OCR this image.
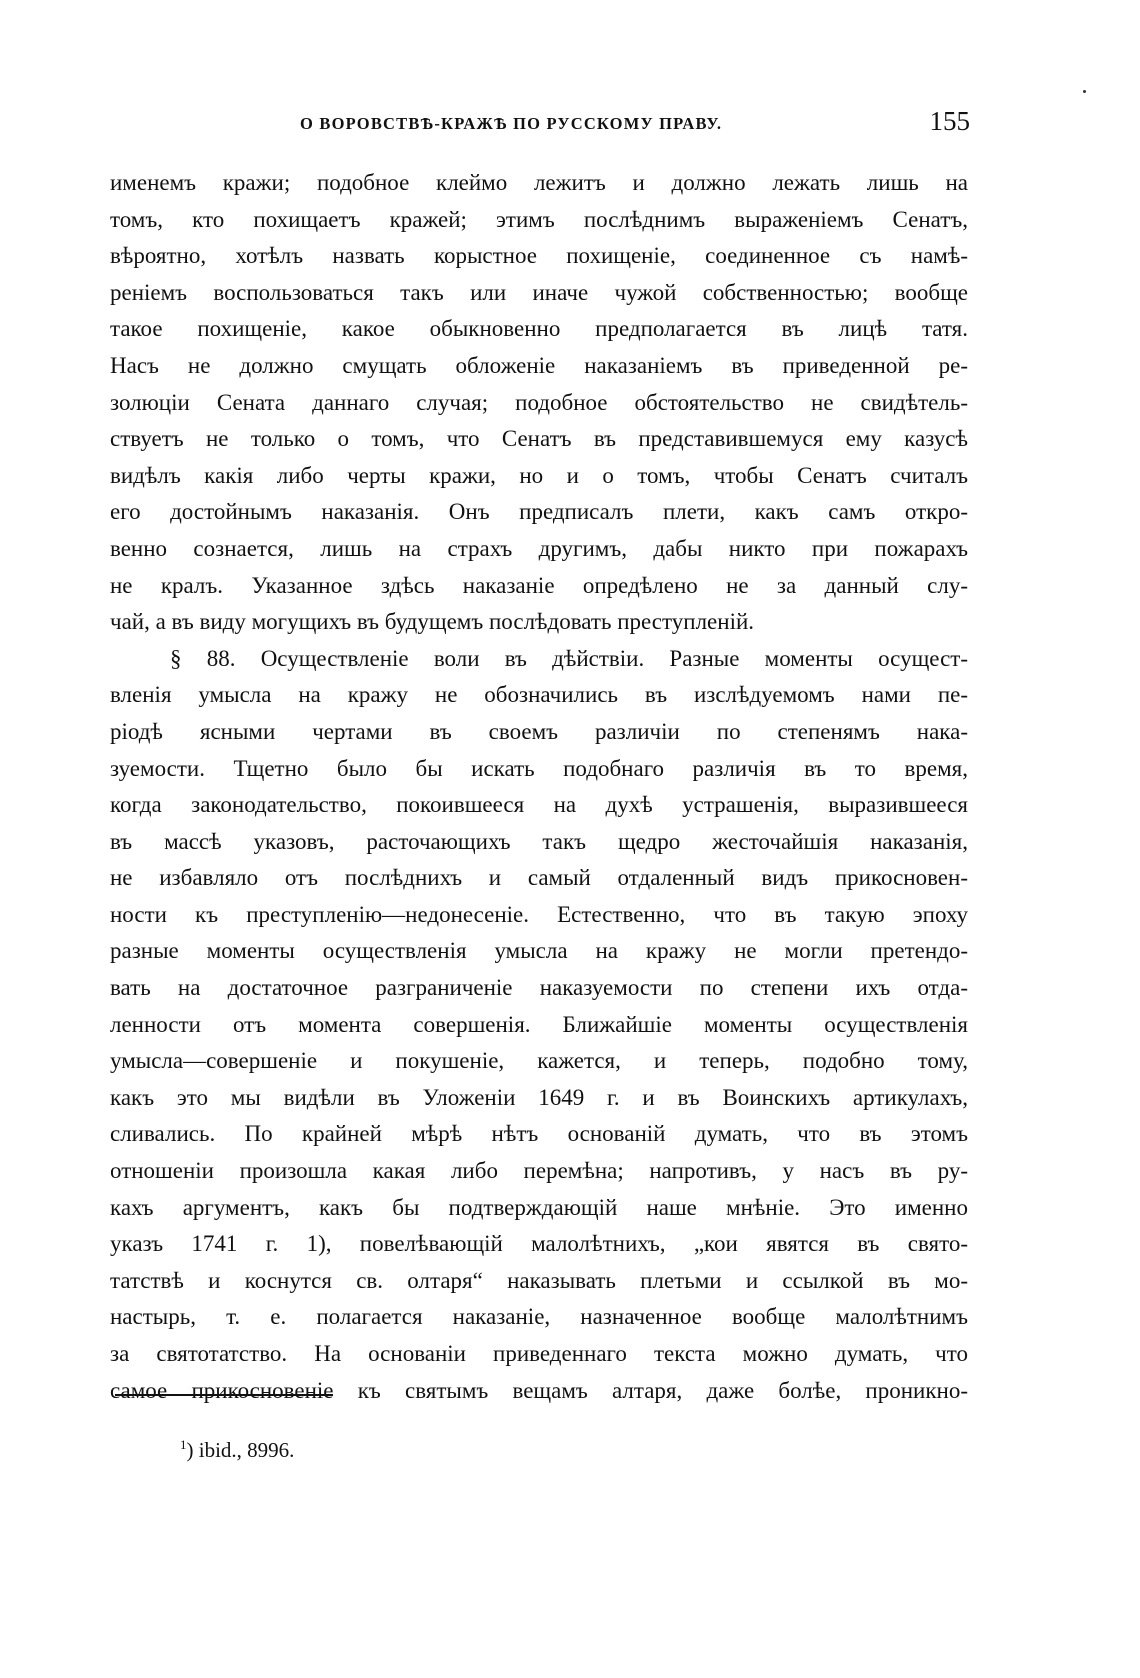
О ВОРОВСТВѢ-КРАЖѢ ПО РУССКОМУ ПРАВУ.	155
именемъ кражи; подобное клеймо лежитъ и должно лежать лишь на
томъ, кто похищаетъ кражей; этимъ послѣднимъ выраженіемъ Сенатъ,
вѣроятно, хотѣлъ назвать корыстное похищеніе, соединенное съ намѣ-
реніемъ воспользоваться такъ или иначе чужой собственностью; вообще
такое похищеніе, какое обыкновенно предполагается въ лицѣ татя.
Насъ не должно смущать обложеніе наказаніемъ въ приведенной ре-
золюціи Сената даннаго случая; подобное обстоятельство не свидѣтель-
ствуетъ не только о томъ, что Сенатъ въ представившемуся ему казусѣ
видѣлъ какія либо черты кражи, но и о томъ, чтобы Сенатъ считалъ
его достойнымъ наказанія. Онъ предписалъ плети, какъ самъ откро-
венно сознается, лишь на страхъ другимъ, дабы никто при пожарахъ
не кралъ. Указанное здѣсь наказаніе опредѣлено не за данный слу-
чай, а въ виду могущихъ въ будущемъ послѣдовать преступленій.
§ 88. Осуществленіе воли въ дѣйствіи. Разные моменты осущест-
вленія умысла на кражу не обозначились въ изслѣдуемомъ нами пе-
ріодѣ ясными чертами въ своемъ различіи по степенямъ нака-
зуемости. Тщетно было бы искать подобнаго различія въ то время,
когда законодательство, покоившееся на духѣ устрашенія, выразившееся
въ массѣ указовъ, расточающихъ такъ щедро жесточайшія наказанія,
не избавляло отъ послѣднихъ и самый отдаленный видъ прикосновен-
ности къ преступленію—недонесеніе. Естественно, что въ такую эпоху
разные моменты осуществленія умысла на кражу не могли претендо-
вать на достаточное разграниченіе наказуемости по степени ихъ отда-
ленности отъ момента совершенія. Ближайшіе моменты осуществленія
умысла—совершеніе и покушеніе, кажется, и теперь, подобно тому,
какъ это мы видѣли въ Уложеніи 1649 г. и въ Воинскихъ артикулахъ,
сливались. По крайней мѣрѣ нѣтъ основаній думать, что въ этомъ
отношеніи произошла какая либо перемѣна; напротивъ, у насъ въ ру-
кахъ аргументъ, какъ бы подтверждающій наше мнѣніе. Это именно
указъ 1741 г. 1), повелѣвающій малолѣтнихъ, „кои явятся въ свято-
татствѣ и коснутся св. олтаря“ наказывать плетьми и ссылкой въ мо-
настырь, т. е. полагается наказаніе, назначенное вообще малолѣтнимъ
за святотатство. На основаніи приведеннаго текста можно думать, что
самое прикосновеніе къ святымъ вещамъ алтаря, даже болѣе, проникно-
$^1$) ibid., 8996.
